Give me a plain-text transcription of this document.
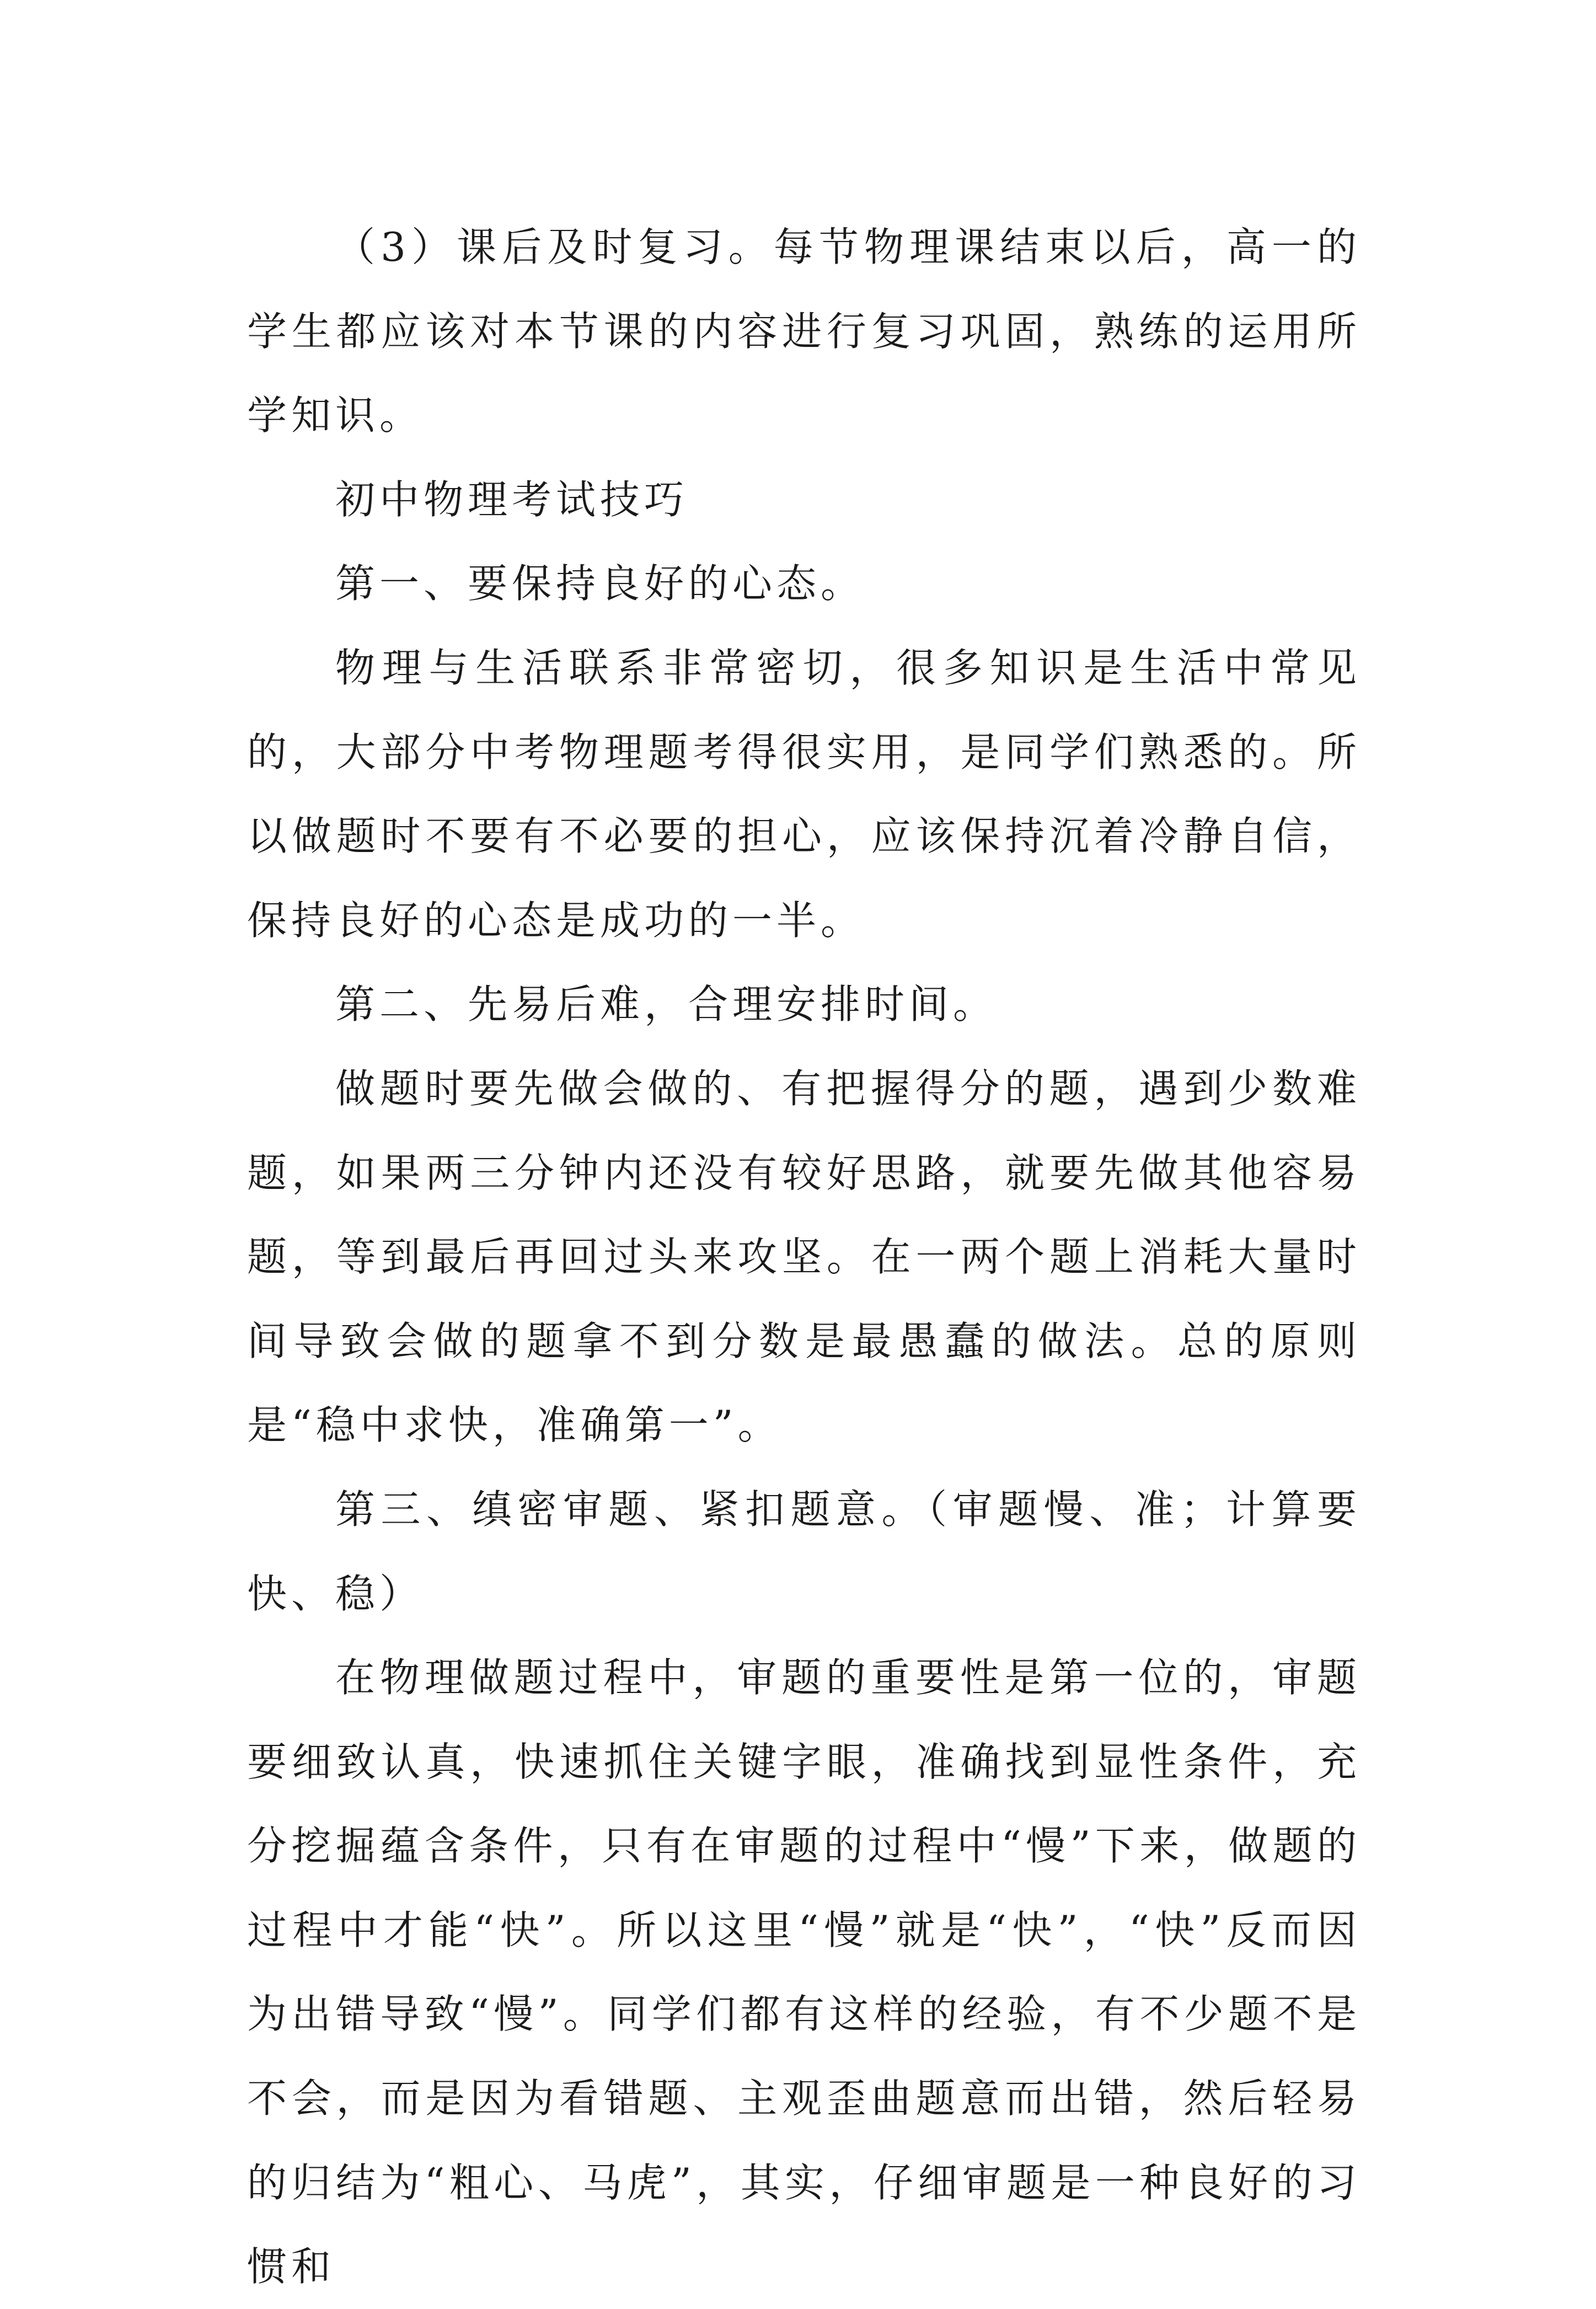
（3）课后及时复习。每节物理课结束以后，高一的学生都应该对本节课的内容进行复习巩固，熟练的运用所学知识。

初中物理考试技巧

第一、要保持良好的心态。

物理与生活联系非常密切，很多知识是生活中常见的，大部分中考物理题考得很实用，是同学们熟悉的。所以做题时不要有不必要的担心，应该保持沉着冷静自信，保持良好的心态是成功的一半。

第二、先易后难，合理安排时间。

做题时要先做会做的、有把握得分的题，遇到少数难题，如果两三分钟内还没有较好思路，就要先做其他容易题，等到最后再回过头来攻坚。在一两个题上消耗大量时间导致会做的题拿不到分数是最愚蠢的做法。总的原则是“稳中求快，准确第一”。

第三、缜密审题、紧扣题意。（审题慢、准；计算要快、稳）

在物理做题过程中，审题的重要性是第一位的，审题要细致认真，快速抓住关键字眼，准确找到显性条件，充分挖掘蕴含条件，只有在审题的过程中“慢”下来，做题的过程中才能“快”。所以这里“慢”就是“快”，“快”反而因为出错导致“慢”。同学们都有这样的经验，有不少题不是不会，而是因为看错题、主观歪曲题意而出错，然后轻易的归结为“粗心、马虎”，其实，仔细审题是一种良好的习惯和
